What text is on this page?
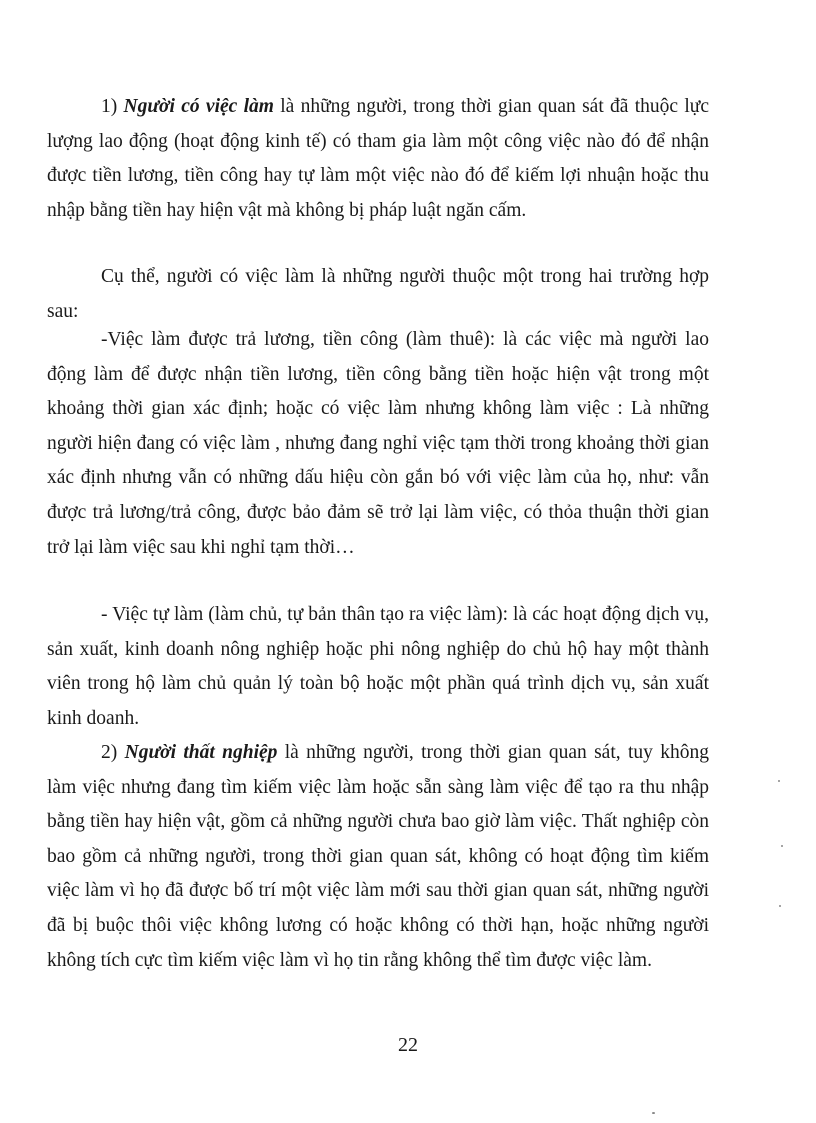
1) Người có việc làm là những người, trong thời gian quan sát đã thuộc lực lượng lao động (hoạt động kinh tế) có tham gia làm một công việc nào đó để nhận được tiền lương, tiền công hay tự làm một việc nào đó để kiếm lợi nhuận hoặc thu nhập bằng tiền hay hiện vật mà không bị pháp luật ngăn cấm.

Cụ thể, người có việc làm là những người thuộc một trong hai trường hợp sau:

-Việc làm được trả lương, tiền công (làm thuê): là các việc mà người lao động làm để được nhận tiền lương, tiền công bằng tiền hoặc hiện vật trong một khoảng thời gian xác định; hoặc có việc làm nhưng không làm việc : Là những người hiện đang có việc làm , nhưng đang nghỉ việc tạm thời trong khoảng thời gian xác định nhưng vẫn có những dấu hiệu còn gắn bó với việc làm của họ, như: vẫn được trả lương/trả công, được bảo đảm sẽ trở lại làm việc, có thỏa thuận thời gian trở lại làm việc sau khi nghỉ tạm thời…

- Việc tự làm (làm chủ, tự bản thân tạo ra việc làm): là các hoạt động dịch vụ, sản xuất, kinh doanh nông nghiệp hoặc phi nông nghiệp do chủ hộ hay một thành viên trong hộ làm chủ quản lý toàn bộ hoặc một phần quá trình dịch vụ, sản xuất kinh doanh.

2) Người thất nghiệp là những người, trong thời gian quan sát, tuy không làm việc nhưng đang tìm kiếm việc làm hoặc sẵn sàng làm việc để tạo ra thu nhập bằng tiền hay hiện vật, gồm cả những người chưa bao giờ làm việc. Thất nghiệp còn bao gồm cả những người, trong thời gian quan sát, không có hoạt động tìm kiếm việc làm vì họ đã được bố trí một việc làm mới sau thời gian quan sát, những người đã bị buộc thôi việc không lương có hoặc không có thời hạn, hoặc những người không tích cực tìm kiếm việc làm vì họ tin rằng không thể tìm được việc làm.

22
